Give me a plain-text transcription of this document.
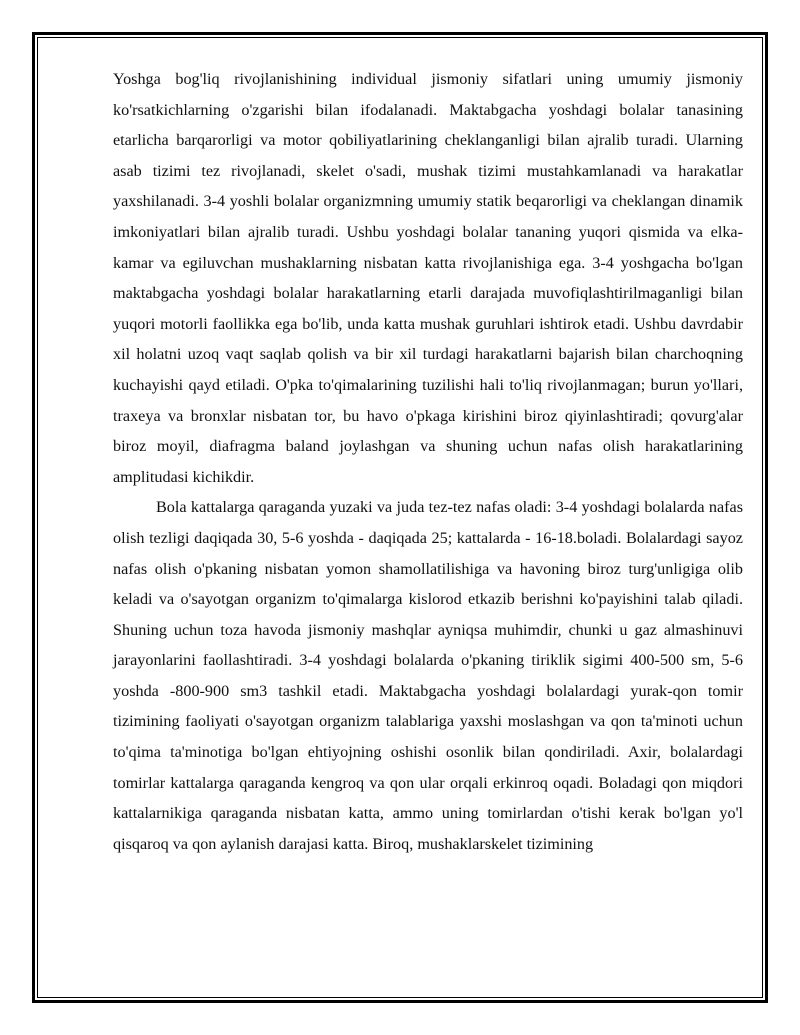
Yoshga bog'liq rivojlanishining individual jismoniy sifatlari uning umumiy jismoniy ko'rsatkichlarning o'zgarishi bilan ifodalanadi. Maktabgacha yoshdagi bolalar tanasining etarlicha barqarorligi va motor qobiliyatlarining cheklanganligi bilan ajralib turadi. Ularning asab tizimi tez rivojlanadi, skelet o'sadi, mushak tizimi mustahkamlanadi va harakatlar yaxshilanadi. 3-4 yoshli bolalar organizmning umumiy statik beqarorligi va cheklangan dinamik imkoniyatlari bilan ajralib turadi. Ushbu yoshdagi bolalar tananing yuqori qismida va elka-kamar va egiluvchan mushaklarning nisbatan katta rivojlanishiga ega. 3-4 yoshgacha bo'lgan maktabgacha yoshdagi bolalar harakatlarning etarli darajada muvofiqlashtirilmaganligi bilan yuqori motorli faollikka ega bo'lib, unda katta mushak guruhlari ishtirok etadi. Ushbu davrdabir xil holatni uzoq vaqt saqlab qolish va bir xil turdagi harakatlarni bajarish bilan charchoqning kuchayishi qayd etiladi. O'pka to'qimalarining tuzilishi hali to'liq rivojlanmagan; burun yo'llari, traxeya va bronxlar nisbatan tor, bu havo o'pkaga kirishini biroz qiyinlashtiradi; qovurg'alar biroz moyil, diafragma baland joylashgan va shuning uchun nafas olish harakatlarining amplitudasi kichikdir.

Bola kattalarga qaraganda yuzaki va juda tez-tez nafas oladi: 3-4 yoshdagi bolalarda nafas olish tezligi daqiqada 30, 5-6 yoshda - daqiqada 25; kattalarda - 16-18.boladi. Bolalardagi sayoz nafas olish o'pkaning nisbatan yomon shamollatilishiga va havoning biroz turg'unligiga olib keladi va o'sayotgan organizm to'qimalarga kislorod etkazib berishni ko'payishini talab qiladi. Shuning uchun toza havoda jismoniy mashqlar ayniqsa muhimdir, chunki u gaz almashinuvi jarayonlarini faollashtiradi. 3-4 yoshdagi bolalarda o'pkaning tiriklik sigimi 400-500 sm, 5-6 yoshda -800-900 sm3 tashkil etadi. Maktabgacha yoshdagi bolalardagi yurak-qon tomir tizimining faoliyati o'sayotgan organizm talablariga yaxshi moslashgan va qon ta'minoti uchun to'qima ta'minotiga bo'lgan ehtiyojning oshishi osonlik bilan qondiriladi. Axir, bolalardagi tomirlar kattalarga qaraganda kengroq va qon ular orqali erkinroq oqadi. Boladagi qon miqdori kattalarnikiga qaraganda nisbatan katta, ammo uning tomirlardan o'tishi kerak bo'lgan yo'l qisqaroq va qon aylanish darajasi katta. Biroq, mushaklarskelet tizimining
